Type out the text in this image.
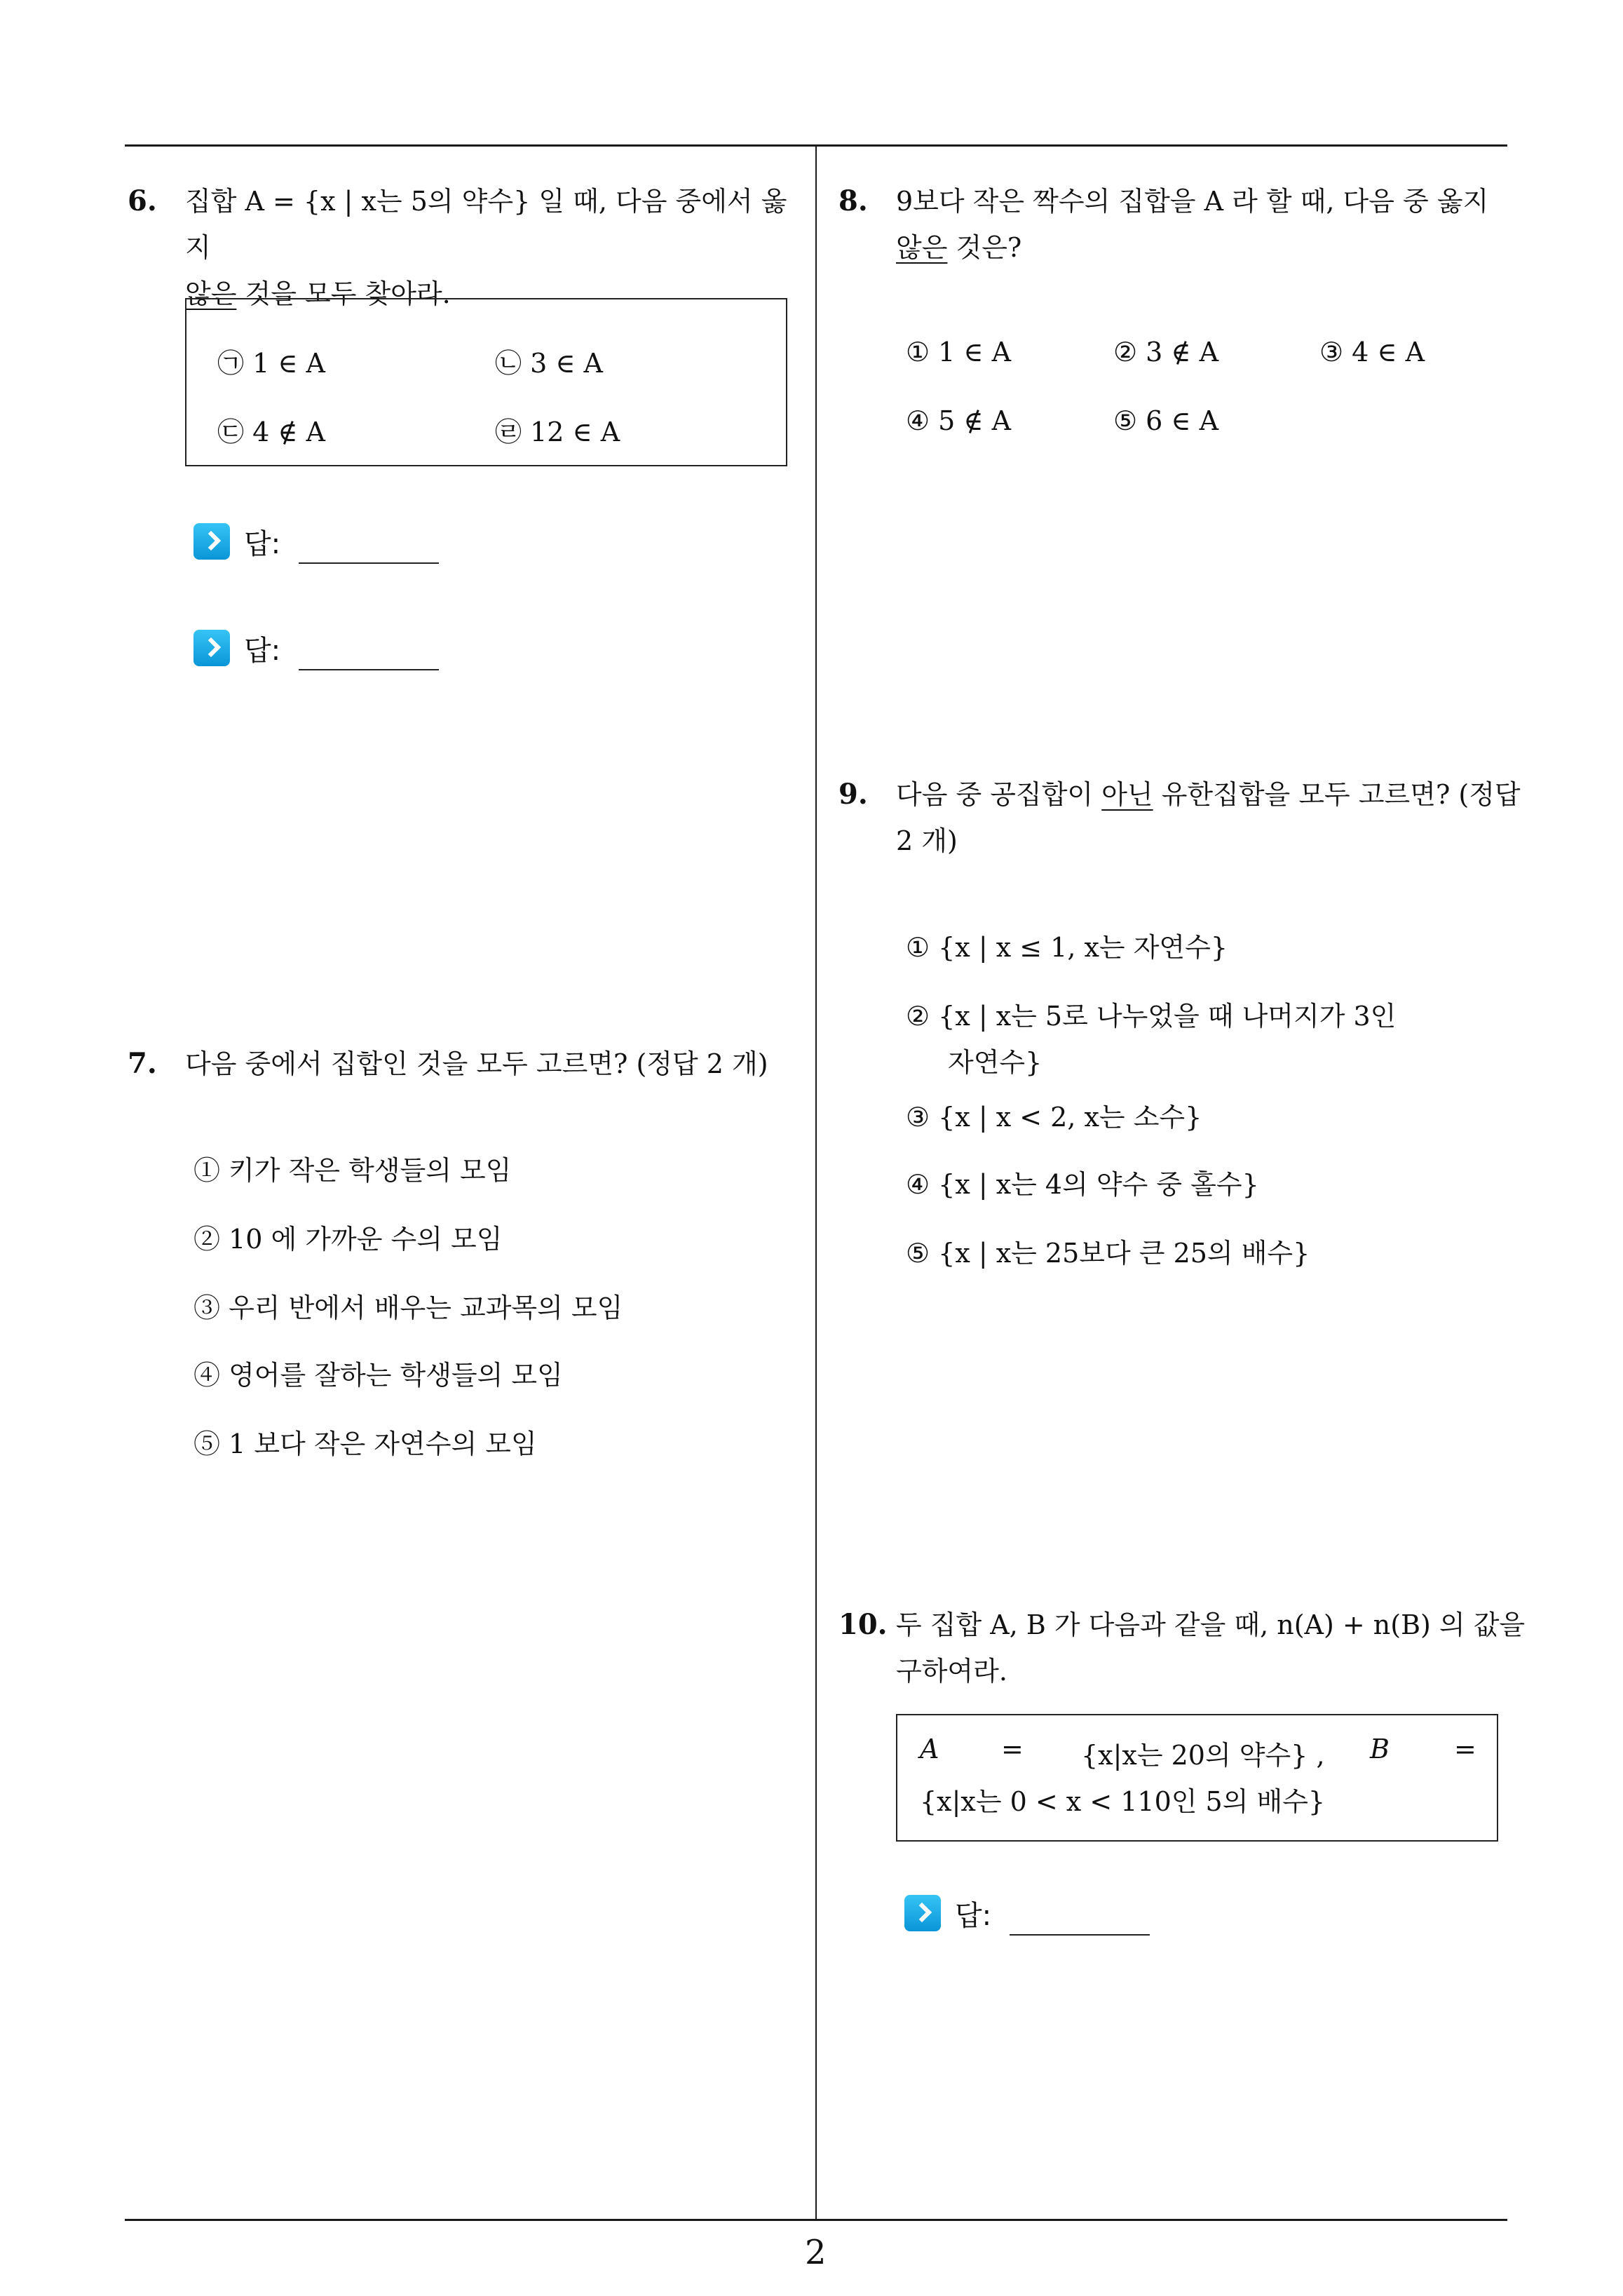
6. 집합 A = {x | x는 5의 약수} 일 때, 다음 중에서 옳지
않은 것을 모두 찾아라.
㉠ 1 ∈ A	㉡ 3 ∈ A
㉢ 4 ∉ A	㉣ 12 ∈ A
답:
답:
7. 다음 중에서 집합인 것을 모두 고르면? (정답 2 개)
① 키가 작은 학생들의 모임
② 10 에 가까운 수의 모임
③ 우리 반에서 배우는 교과목의 모임
④ 영어를 잘하는 학생들의 모임
⑤ 1 보다 작은 자연수의 모임
8. 9보다 작은 짝수의 집합을 A 라 할 때, 다음 중 옳지
않은 것은?
① 1 ∈ A	② 3 ∉ A	③ 4 ∈ A
④ 5 ∉ A	⑤ 6 ∈ A
9. 다음 중 공집합이 아닌 유한집합을 모두 고르면? (정답
2 개)
① {x | x ≤ 1, x는 자연수}
② {x | x는 5로 나누었을 때 나머지가 3인
자연수}
③ {x | x < 2, x는 소수}
④ {x | x는 4의 약수 중 홀수}
⑤ {x | x는 25보다 큰 25의 배수}
10. 두 집합 A, B 가 다음과 같을 때, n(A) + n(B) 의 값을
구하여라.
A = {x|x는 20의 약수} , B =
{x|x는 0 < x < 110인 5의 배수}
답:
2
